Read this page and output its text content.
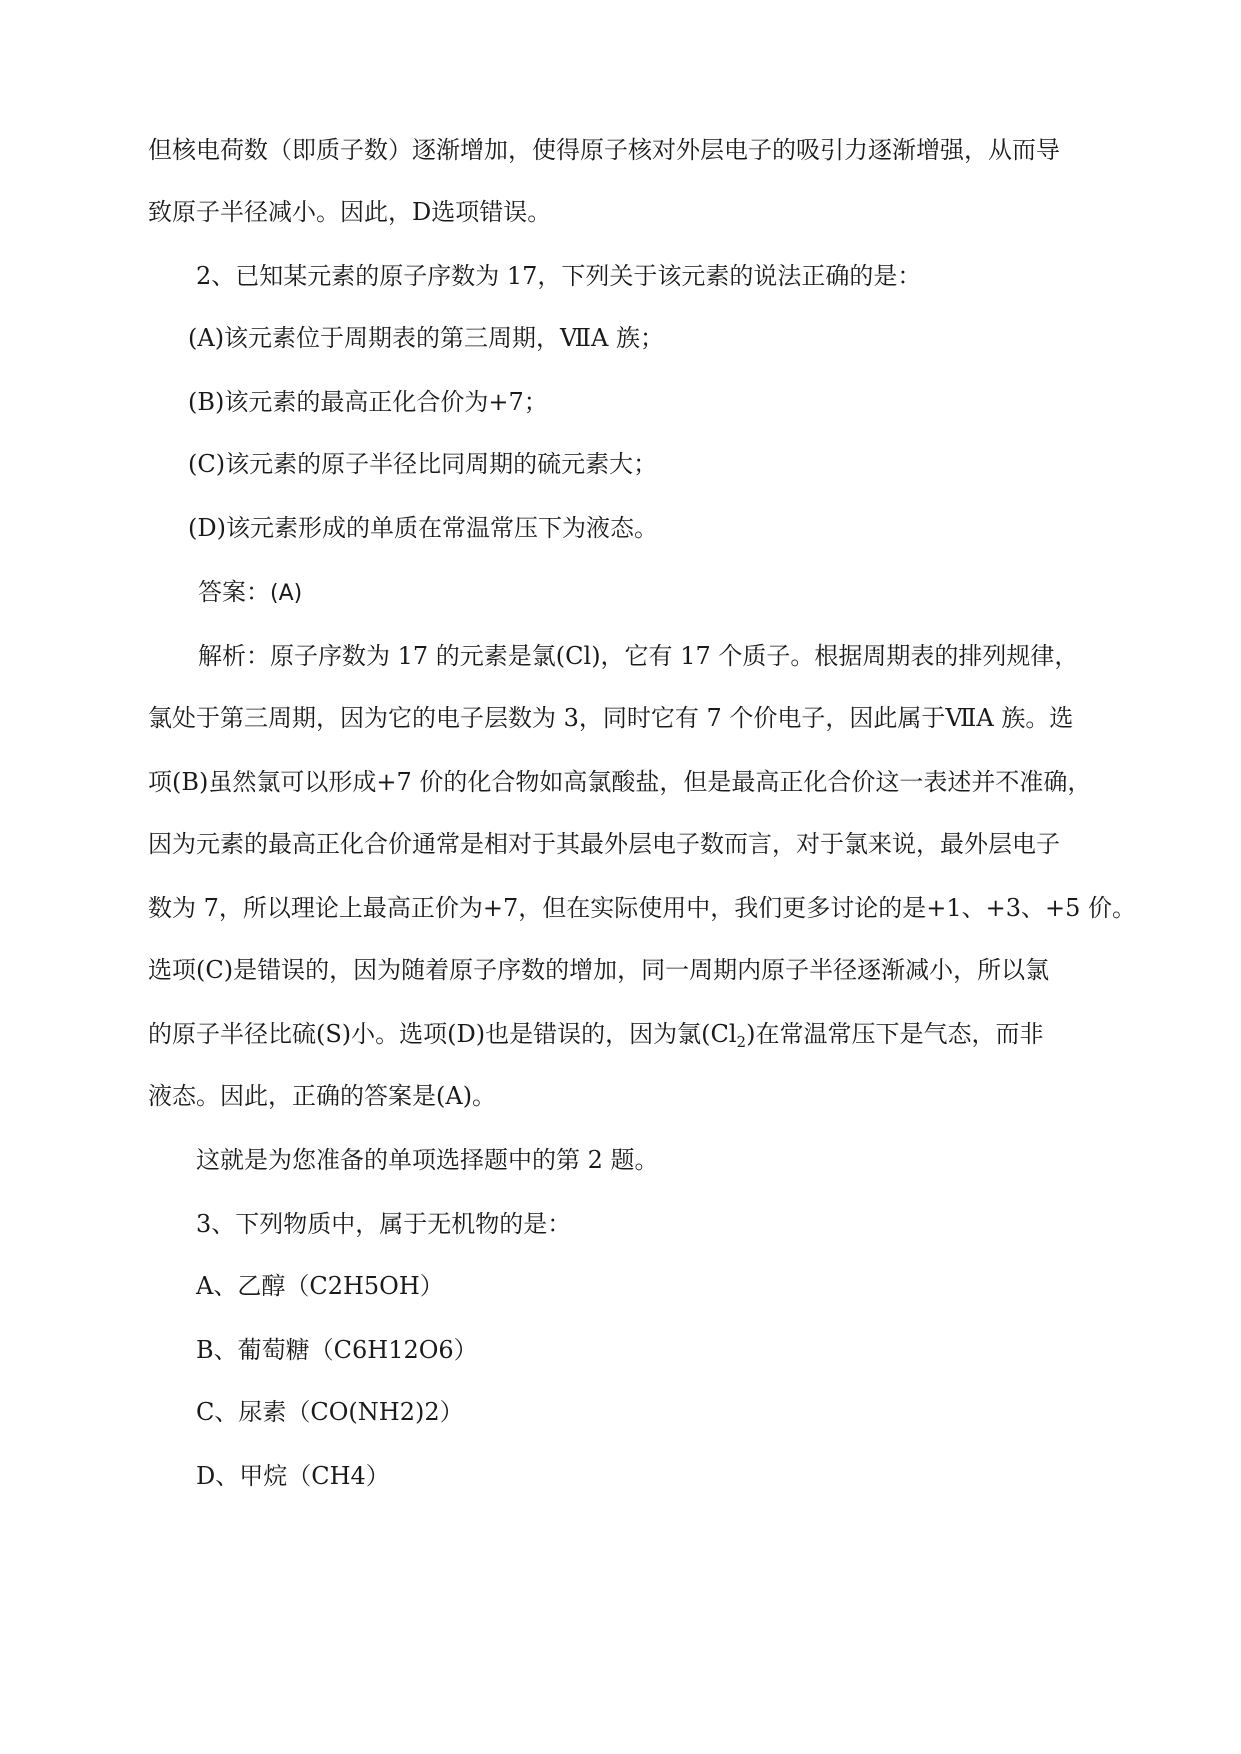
但核电荷数（即质子数）逐渐增加，使得原子核对外层电子的吸引力逐渐增强，从而导
致原子半径减小。因此，D选项错误。
2、已知某元素的原子序数为 17，下列关于该元素的说法正确的是：
(A)该元素位于周期表的第三周期，ⅦA 族；
(B)该元素的最高正化合价为+7；
(C)该元素的原子半径比同周期的硫元素大；
(D)该元素形成的单质在常温常压下为液态。
答案：(A)
解析：原子序数为 17 的元素是氯(Cl)，它有 17 个质子。根据周期表的排列规律，
氯处于第三周期，因为它的电子层数为 3，同时它有 7 个价电子，因此属于ⅦA 族。选
项(B)虽然氯可以形成+7 价的化合物如高氯酸盐，但是最高正化合价这一表述并不准确，
因为元素的最高正化合价通常是相对于其最外层电子数而言，对于氯来说，最外层电子
数为 7，所以理论上最高正价为+7，但在实际使用中，我们更多讨论的是+1、+3、+5 价。
选项(C)是错误的，因为随着原子序数的增加，同一周期内原子半径逐渐减小，所以氯
的原子半径比硫(S)小。选项(D)也是错误的，因为氯$(Cl_2)$在常温常压下是气态，而非
液态。因此，正确的答案是(A)。
这就是为您准备的单项选择题中的第 2 题。
3、下列物质中，属于无机物的是：
A、乙醇（C2H5OH）
B、葡萄糖（C6H12O6）
C、尿素（CO(NH2)2）
D、甲烷（CH4）
